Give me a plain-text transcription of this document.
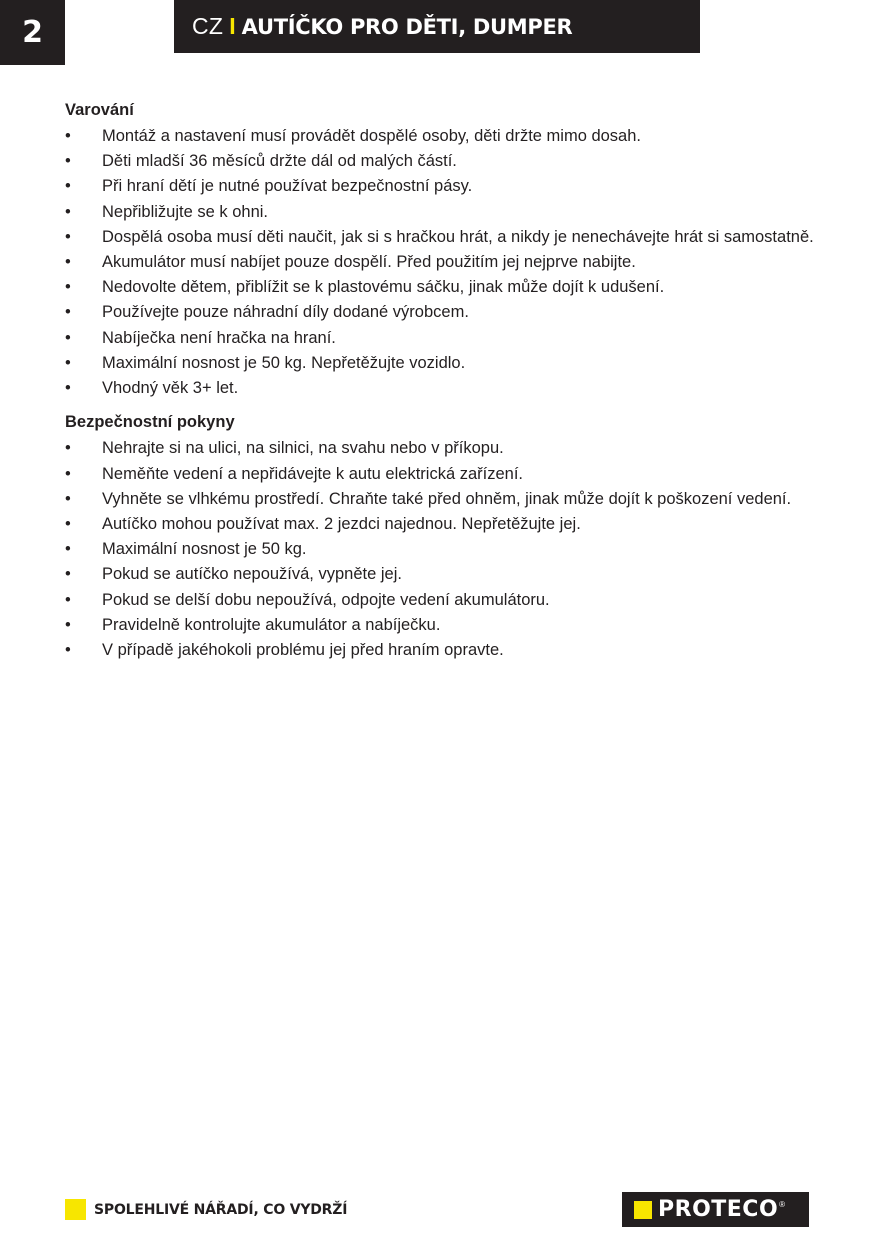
2	CZ I AUTÍČKO PRO DĚTI, DUMPER
Varování
• Montáž a nastavení musí provádět dospělé osoby, děti držte mimo dosah.
• Děti mladší 36 měsíců držte dál od malých částí.
• Při hraní dětí je nutné používat bezpečnostní pásy.
• Nepřibližujte se k ohni.
• Dospělá osoba musí děti naučit, jak si s hračkou hrát, a nikdy je nenechávejte hrát si samostatně.
• Akumulátor musí nabíjet pouze dospělí. Před použitím jej nejprve nabijte.
• Nedovolte dětem, přiblížit se k plastovému sáčku, jinak může dojít k udušení.
• Používejte pouze náhradní díly dodané výrobcem.
• Nabíječka není hračka na hraní.
• Maximální nosnost je 50 kg. Nepřetěžujte vozidlo.
• Vhodný věk 3+ let.
Bezpečnostní pokyny
• Nehrajte si na ulici, na silnici, na svahu nebo v příkopu.
• Neměňte vedení a nepřidávejte k autu elektrická zařízení.
• Vyhněte se vlhkému prostředí. Chraňte také před ohněm, jinak může dojít k poškození vedení.
• Autíčko mohou používat max. 2 jezdci najednou. Nepřetěžujte jej.
• Maximální nosnost je 50 kg.
• Pokud se autíčko nepoužívá, vypněte jej.
• Pokud se delší dobu nepoužívá, odpojte vedení akumulátoru.
• Pravidelně kontrolujte akumulátor a nabíječku.
• V případě jakéhokoli problému jej před hraním opravte.
SPOLEHLIVÉ NÁŘADÍ, CO VYDRŽÍ	PROTECO ®
